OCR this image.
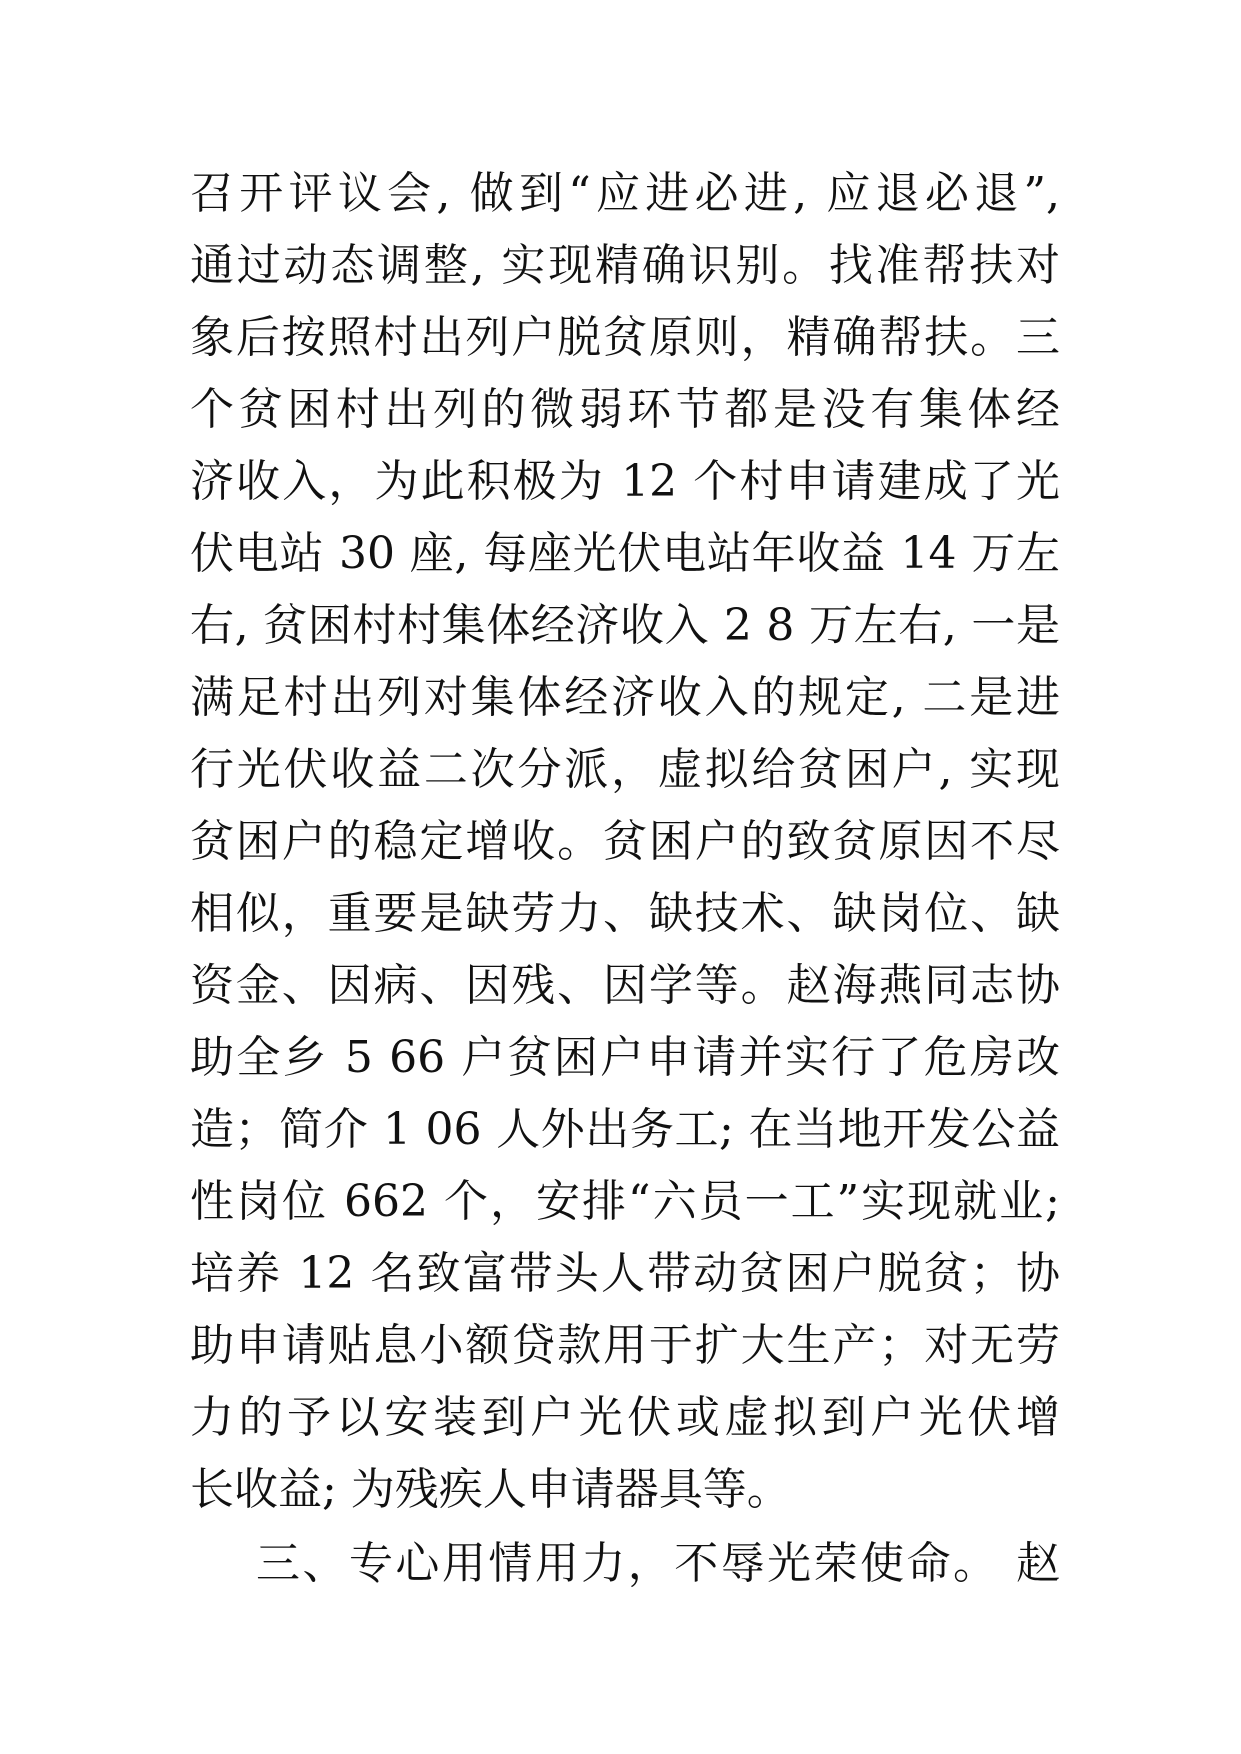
召开评议会, 做到“应进必进, 应退必退”,
通过动态调整, 实现精确识别。找准帮扶对
象后按照村出列户脱贫原则，精确帮扶。三
个贫困村出列的微弱环节都是没有集体经
济收入，为此积极为 12 个村申请建成了光
伏电站 30 座, 每座光伏电站年收益 14 万左
右, 贫困村村集体经济收入 2 8 万左右, 一是
满足村出列对集体经济收入的规定, 二是进
行光伏收益二次分派，虚拟给贫困户, 实现
贫困户的稳定增收。贫困户的致贫原因不尽
相似，重要是缺劳力、缺技术、缺岗位、缺
资金、因病、因残、因学等。赵海燕同志协
助全乡 5 66 户贫困户申请并实行了危房改
造；简介 1 06 人外出务工; 在当地开发公益
性岗位 662 个，安排“六员一工”实现就业;
培养 12 名致富带头人带动贫困户脱贫；协
助申请贴息小额贷款用于扩大生产；对无劳
力的予以安装到户光伏或虚拟到户光伏增
长收益; 为残疾人申请器具等。
三、专心用情用力，不辱光荣使命。 赵
